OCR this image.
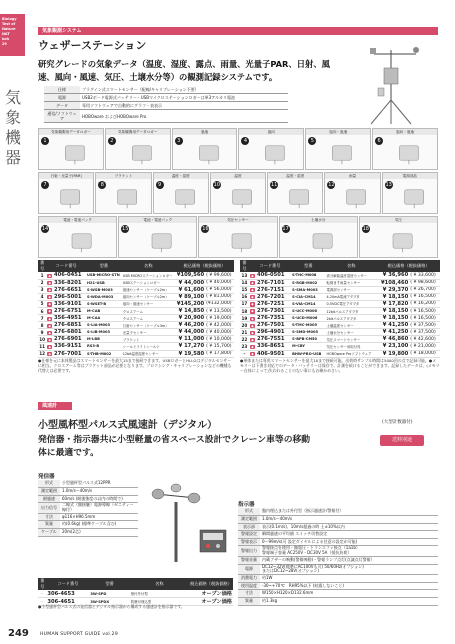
Biology
Test of Nature
NAT
koh
29
気象機器
気象観測システム
ウェザーステーション
研究グレードの気象データ（温度、湿度、露点、雨量、光量子PAR、日射、風速、風向・風速、気圧、土壌水分等）の観測記録システムです。
仕様	プラグイン式スマートセンサー（配線/キャリブレーション不要）
電源	USB2ボード電源式バッテリー・USBマイクロステーションロガーは単3アルカリ電池
データ	専用ソフトウェアで自動的にグラフ・表表示
通信/ソフトウェア	HOBOware およびHOBOware Pro
気象観測用データロガー
1
気象観測用データロガー
2
風速
3
風向
4
風向・風速
5
風向・風速
6
日射・光量子(PAR)
7
ブラケット
8
温度・湿度
9
温度
10
温度・湿度
11
雨量
12
電源部品
13
電池・電池パック
14
電池・電池パック
15
気圧センサー
16
土壌水分
17
気圧
18
番号	コード番号		型番	名称	税込価格（税抜価格）	
1	◆	406-0451	USB-MICRO-STN	USB MICROステーションロガー	¥109,560	( ¥ 99,600)
2	◆	336-8201	H21-USB	USBステーションロガー	¥ 44,000	( ¥ 40,000)
3	◆	276-6651	S-WSB-M003	風速センサー（ケーブル2m）	¥ 61,600	( ¥ 56,000)
4	◆	296-5001	S-WDA-M003	風向センサー（ケーブル2m）	¥ 89,100	( ¥ 81,000)
5	◆	336-9101	S-WSET-B	風向・風速センサー	¥145,200	(¥132,000)
6	◆	276-6751	M-CAB	クロスアーム	¥ 14,850	( ¥ 13,500)
7	◆	356-4951	M-CAA	クロスアーム	¥ 20,900	( ¥ 19,000)
8	◆	276-6851	S-LIA-M003	日射センサー（ケーブル3m）	¥ 46,200	( ¥ 42,000)
9	◆	276-6801	S-LIB-M003	光量子センサー	¥ 44,000	( ¥ 40,000)
10	◆	276-6901	M-LBB	ブラケット	¥ 11,000	( ¥ 10,000)
11	◆	336-9151	RS3-B	シールドライトシールド	¥ 17,270	( ¥ 15,700)
12	◆	276-7001	S-THB-M002	12bit温度湿度センサー	¥ 19,580	( ¥ 17,800)
番号	コード番号		型番	名称	税込価格（税抜価格）	
13	◆	406-0501	S-THC-M008	高分解能温度湿度センサー	¥ 36,960	( ¥ 33,600)
14	◆	276-7101	S-RGB-M002	転倒ます雨量センサー	¥108,460	( ¥ 98,600)
15	◆	276-7151	S-SMA-M003	電源部センサー	¥ 29,370	( ¥ 26,700)
16	◆	276-7201	S-CIA-CM14	4-20mA電流アダプタ	¥ 18,150	( ¥ 16,500)
17	◆	276-7251	S-VIA-CM14	0-5VDC電圧アダプタ	¥ 17,820	( ¥ 16,200)
18	◆	276-7301	S-UCC-M006	12bitパルスアダプタ	¥ 18,150	( ¥ 16,500)
19	◆	276-7351	S-UCD-M006	2bitパルスアダプタ	¥ 18,150	( ¥ 16,500)
20	◆	276-7501	S-TMC-M005	土壌温度センサー	¥ 41,250	( ¥ 37,500)
21	◆	296-4901	S-SMD-M005	土壌水分センサー	¥ 41,250	( ¥ 37,500)
22	◆	276-7551	S-BPB-CM50	気圧スマートセンサー	¥ 46,860	( ¥ 42,600)
23	◆	336-8651	M-CBY	気圧センサー用取付具	¥ 23,100	( ¥ 21,000)
–	◆	406-9501	BHW-PRO-USB	HOBOware Proソフトウェア	¥ 19,800	( ¥ 18,000)
●仕様を元に本体製品はスマートセンサーを最大15まで接続できます。USBロガーとHLLGはデジタルセンサーに相当。クロスアーム等はブラケット部品が必要となります。プロクシング・キャリブレーションなどの機種も代替えは必要です。
●単体または専用スマートセンサーを最大10まで接続可能。出荷時サンプル時間は5000回の点で記録可能。●メモリーは下書き対応でのデータ・バッテリーは保存で、計測を続けることができます。記録したデータは、(メモリー自体によって)失われることのない事にもお確かめさい。
風速計
小型風杯型パルス式風速計（デジタル）	(大型計数器付)
発信器・指示器共に小型軽量の省スペース設計でクレーン車等の移動体に最適です。
送料別途
発信器
形式	小型風杯型パルス式12PPR
測定範囲	1.0m/s〜40m/s
耐風速	60m/s (耐風強度の以内の時間で)
出力信号	二線式（無接触）電源導線（ゼニティー線付）
寸法	φ116×H96.5mm
質量	約(0.6kg) (標準ケーブル含む)
ケーブル	20m(2芯)
番号	コード番号	型番	名称	税込価格（税抜価格）
–	306-4653	3W-SPD	壁付外付型	オープン価格
–	306-4651	3W-SPDX	防塵付埋込型	オープン価格
●小型風杯型パルス式の発信器とデジタル指示器から構成する風速計を指示器です。
指示器
形式	盤内埋込または外付型（指示風速計/警報付）
測定範囲	1.0m/s〜40m/s
表示部	表示(0.1m/s)、10m/s超過の時 土±10%以内
警報設定	瞬間風速の平均値 スイッチ切替設定
警報表示	0〜99m/s(可 設定ダイヤルによる任意の設定が可能)
警報出力	警報接点を使用・無電圧・トランスファ接点（1a1b）
警報端子容量 AC250V・DC30V 5A（抵抗負荷）
警報音量	内蔵ブザーの鳴動(警報鳴動)・警報ランプ点灯(点滅点灯警報）
電源	DC12~32V(標準にAC100Vも可) 50/60Hz(オプション)
またはDC12~28V(オプション)
消費電力	約1W
使用温度	-30~+70℃　RH95%以下 (結露しないこと)
寸法	W150×H120×D132.6mm
質量	約1.3kg
249 HUMAN SUPPORT GUIDE vol.29
